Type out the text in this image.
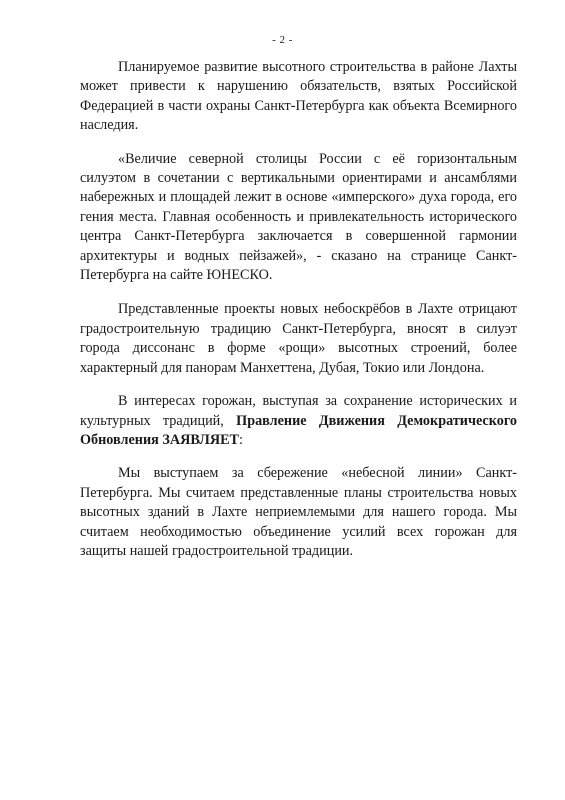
- 2 -

Планируемое развитие высотного строительства в районе Лахты может привести к нарушению обязательств, взятых Российской Федерацией в части охраны Санкт-Петербурга как объекта Всемирного наследия.

«Величие северной столицы России с её горизонтальным силуэтом в сочетании с вертикальными ориентирами и ансамблями набережных и площадей лежит в основе «имперского» духа города, его гения места. Главная особенность и привлекательность исторического центра Санкт-Петербурга заключается в совершенной гармонии архитектуры и водных пейзажей», - сказано на странице Санкт-Петербурга на сайте ЮНЕСКО.

Представленные проекты новых небоскрёбов в Лахте отрицают градостроительную традицию Санкт-Петербурга, вносят в силуэт города диссонанс в форме «рощи» высотных строений, более характерный для панорам Манхеттена, Дубая, Токио или Лондона.

В интересах горожан, выступая за сохранение исторических и культурных традиций, Правление Движения Демократического Обновления ЗАЯВЛЯЕТ:

Мы выступаем за сбережение «небесной линии» Санкт-Петербурга. Мы считаем представленные планы строительства новых высотных зданий в Лахте неприемлемыми для нашего города. Мы считаем необходимостью объединение усилий всех горожан для защиты нашей градостроительной традиции.
